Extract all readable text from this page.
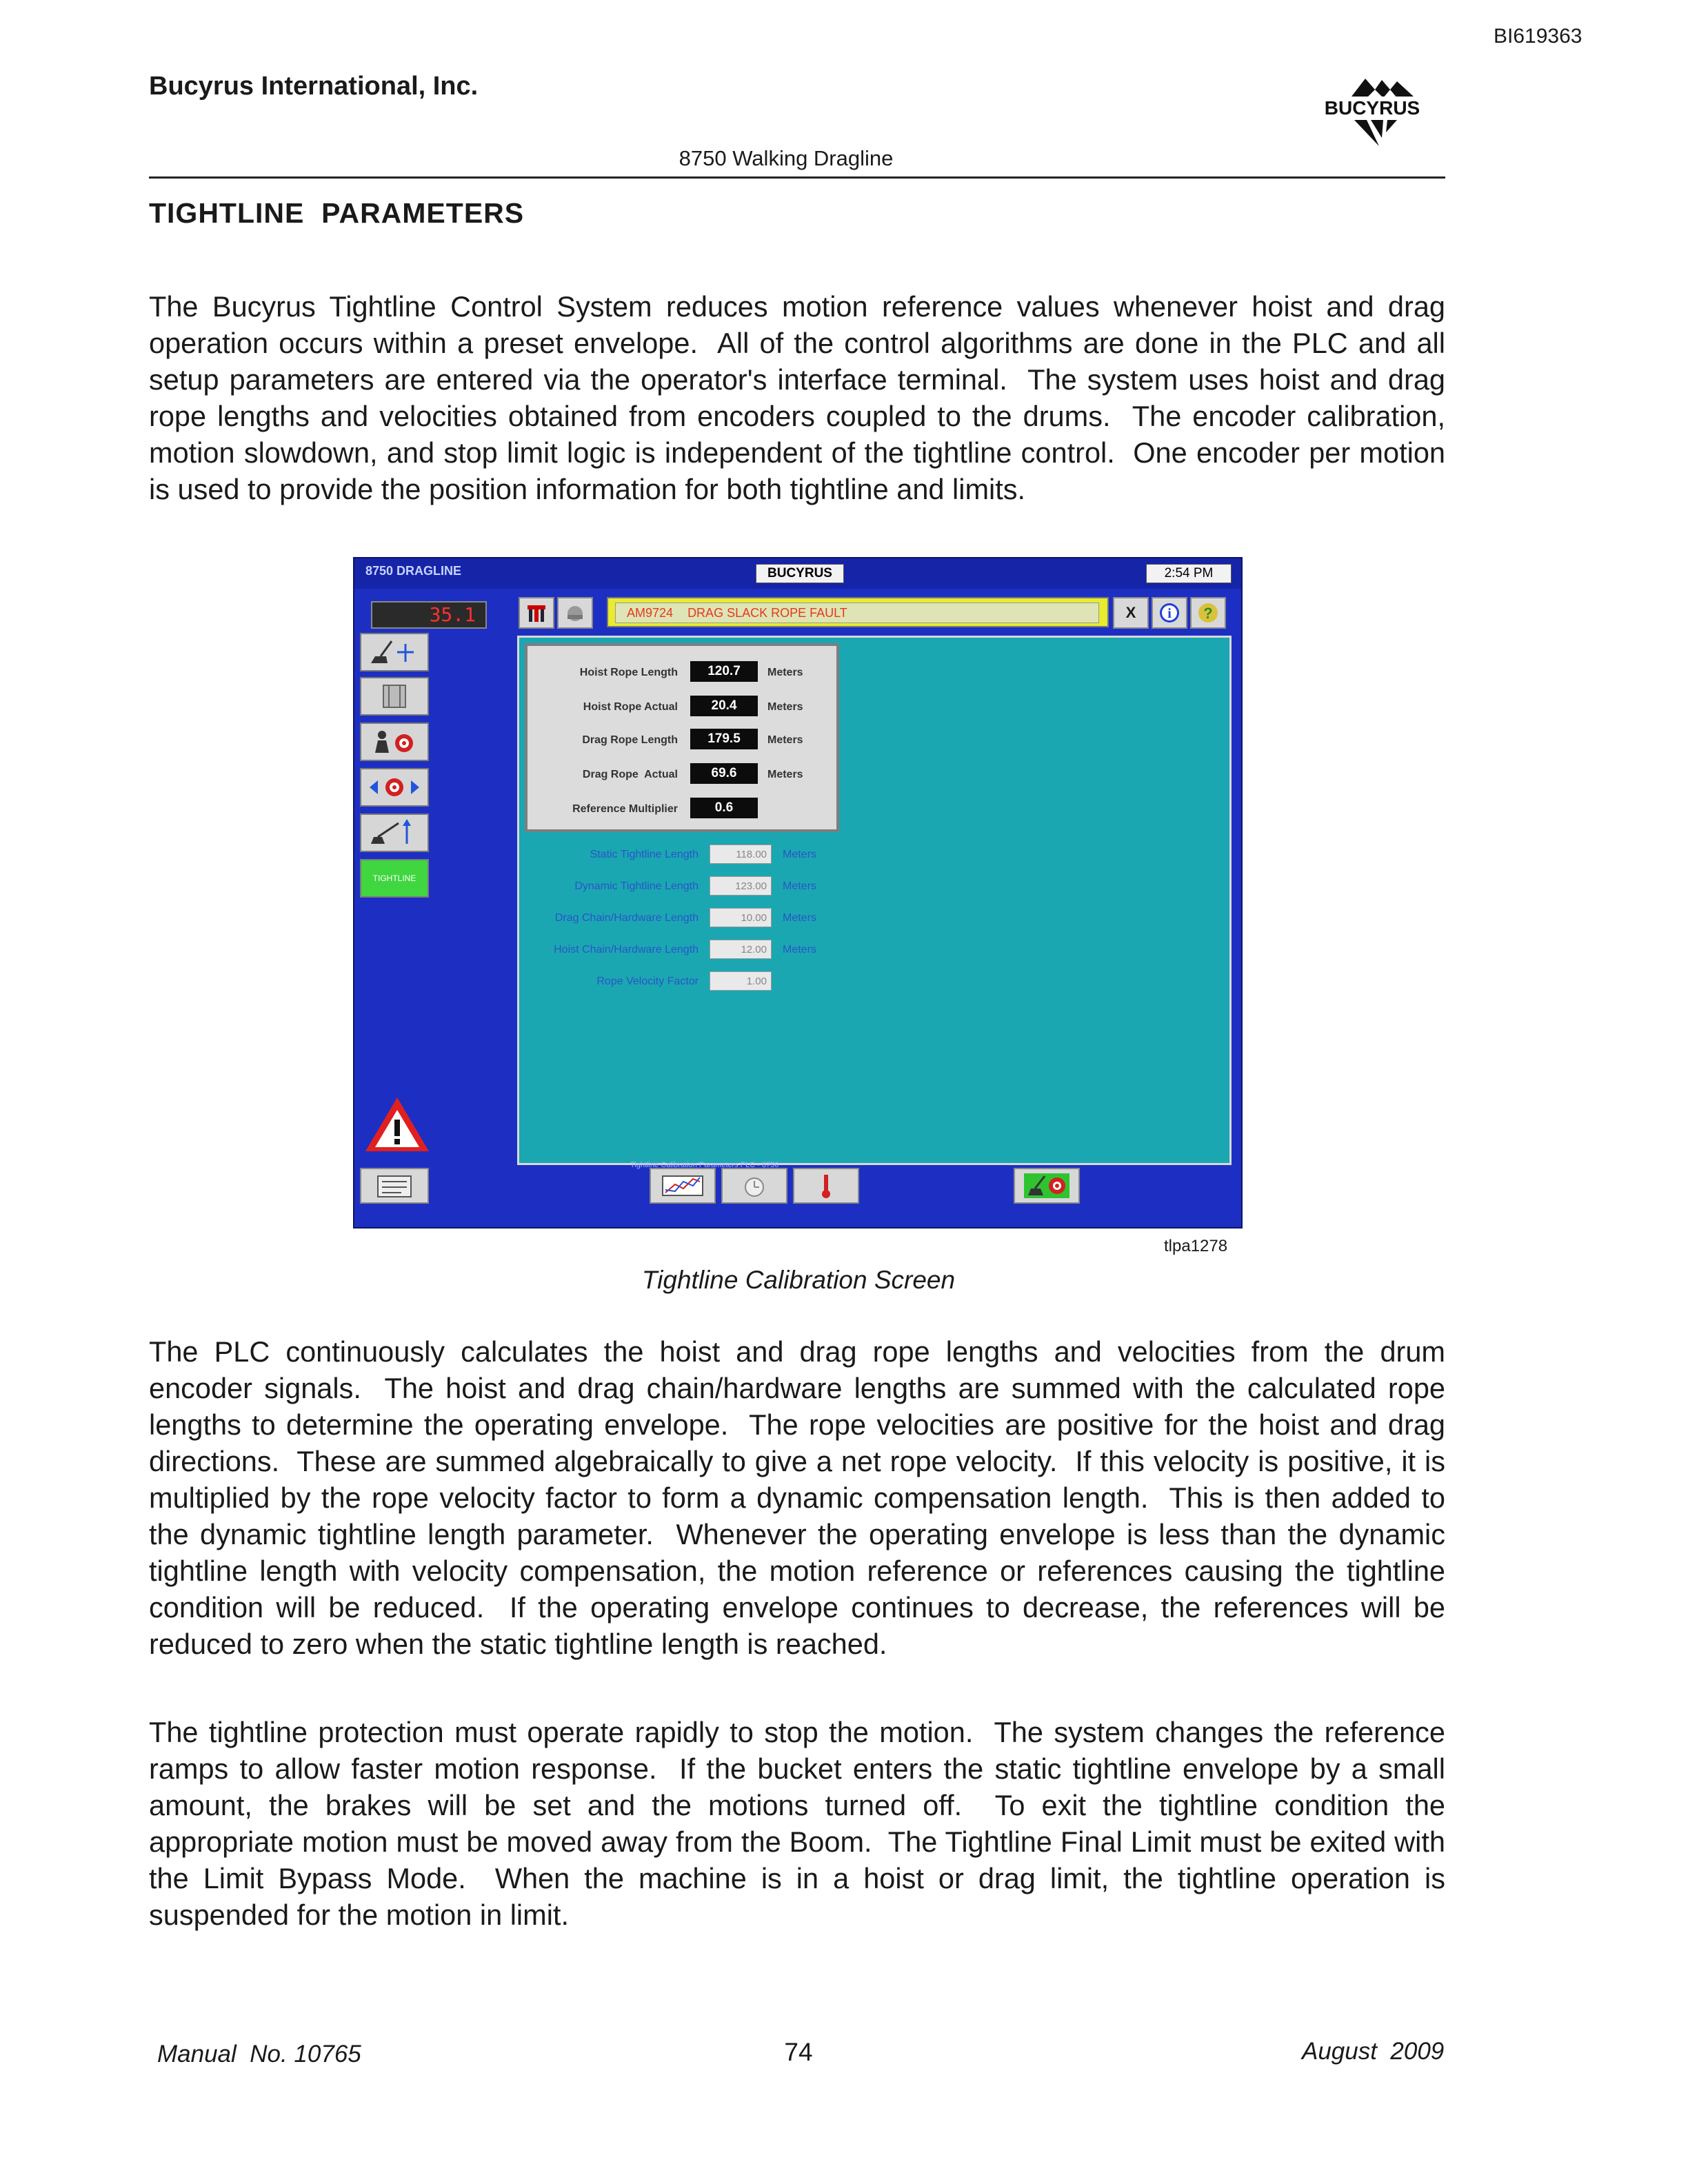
BI619363
Bucyrus International, Inc.
BUCYRUS
8750 Walking Dragline
TIGHTLINE  PARAMETERS
The Bucyrus Tightline Control System reduces motion reference values whenever hoist and drag operation occurs within a preset envelope.  All of the control algorithms are done in the PLC and all setup parameters are entered via the operator's interface terminal.  The system uses hoist and drag rope lengths and velocities obtained from encoders coupled to the drums.  The encoder calibration, motion slowdown, and stop limit logic is independent of the tightline control.  One encoder per motion is used to provide the position information for both tightline and limits.
8750 DRAGLINE	BUCYRUS	2:54 PM
35.1	AM9724 DRAG SLACK ROPE FAULT	X	i ?
TIGHTLINE
Hoist Rope Length	120.7	Meters
Hoist Rope Actual	20.4	Meters
Drag Rope Length	179.5	Meters
Drag Rope  Actual	69.6	Meters
Reference Multiplier	0.6
Static Tightline Length	118.00	Meters
Dynamic Tightline Length	123.00	Meters
Drag Chain/Hardware Length	10.00	Meters
Hoist Chain/Hardware Length	12.00	Meters
Rope Velocity Factor	1.00
Tightline Calibration Parameters PLC - 8750
tlpa1278
Tightline Calibration Screen
The PLC continuously calculates the hoist and drag rope lengths and velocities from the drum encoder signals.  The hoist and drag chain/hardware lengths are summed with the calculated rope lengths to determine the operating envelope.  The rope velocities are positive for the hoist and drag directions.  These are summed algebraically to give a net rope velocity.  If this velocity is positive, it is multiplied by the rope velocity factor to form a dynamic compensation length.  This is then added to the dynamic tightline length parameter.  Whenever the operating envelope is less than the dynamic tightline length with velocity compensation, the motion reference or references causing the tightline condition will be reduced.  If the operating envelope continues to decrease, the references will be reduced to zero when the static tightline length is reached.
The tightline protection must operate rapidly to stop the motion.  The system changes the reference ramps to allow faster motion response.  If the bucket enters the static tightline envelope by a small amount, the brakes will be set and the motions turned off.  To exit the tightline condition the appropriate motion must be moved away from the Boom.  The Tightline Final Limit must be exited with the Limit Bypass Mode.  When the machine is in a hoist or drag limit, the tightline operation is suspended for the motion in limit.
Manual  No. 10765	74	August  2009
